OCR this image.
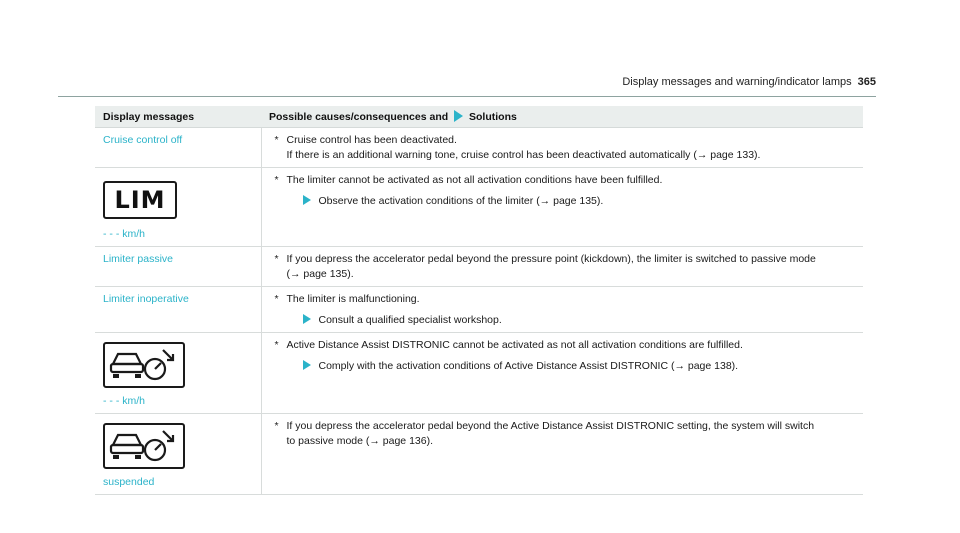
Display messages and warning/indicator lamps 365
Display messages	Possible causes/consequences and Solutions
Cruise control off	* Cruise control has been deactivated.
If there is an additional warning tone, cruise control has been deactivated automatically (→ page 133).

LIM
- - - km/h	* The limiter cannot be activated as not all activation conditions have been fulfilled.
Observe the activation conditions of the limiter (→ page 135).

Limiter passive	* If you depress the accelerator pedal beyond the pressure point (kickdown), the limiter is switched to passive mode
(→ page 135).

Limiter inoperative	* The limiter is malfunctioning.
Consult a qualified specialist workshop.

- - - km/h	* Active Distance Assist DISTRONIC cannot be activated as not all activation conditions are fulfilled.
Comply with the activation conditions of Active Distance Assist DISTRONIC (→ page 138).

suspended	* If you depress the accelerator pedal beyond the Active Distance Assist DISTRONIC setting, the system will switch
to passive mode (→ page 136).
